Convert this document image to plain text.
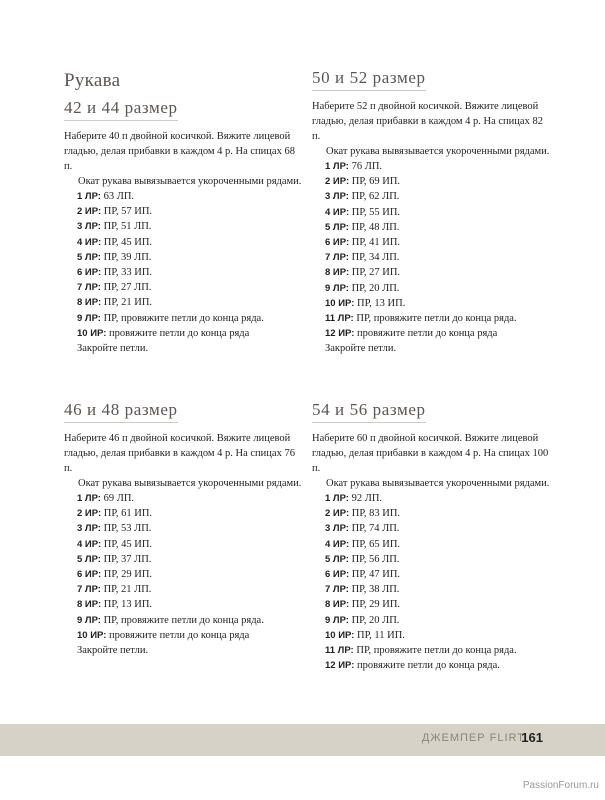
Рукава
42 и 44 размер

Наберите 40 п двойной косичкой. Вяжите лицевой гладью, делая прибавки в каждом 4 р. На спицах 68 п.

Окат рукава вывязывается укороченными рядами.

1 ЛР: 63 ЛП.

2 ИР: ПР, 57 ИП.

3 ЛР: ПР, 51 ЛП.

4 ИР: ПР, 45 ИП.

5 ЛР: ПР, 39 ЛП.

6 ИР: ПР, 33 ИП.

7 ЛР: ПР, 27 ЛП.

8 ИР: ПР, 21 ИП.

9 ЛР: ПР, провяжите петли до конца ряда.

10 ИР: провяжите петли до конца ряда

Закройте петли.

50 и 52 размер

Наберите 52 п двойной косичкой. Вяжите лицевой гладью, делая прибавки в каждом 4 р. На спицах 82 п.

Окат рукава вывязывается укороченными рядами.

1 ЛР: 76 ЛП.

2 ИР: ПР, 69 ИП.

3 ЛР: ПР, 62 ЛП.

4 ИР: ПР, 55 ИП.

5 ЛР: ПР, 48 ЛП.

6 ИР: ПР, 41 ИП.

7 ЛР: ПР, 34 ЛП.

8 ИР: ПР, 27 ИП.

9 ЛР: ПР, 20 ЛП.

10 ИР: ПР, 13 ИП.

11 ЛР: ПР, провяжите петли до конца ряда.

12 ИР: провяжите петли до конца ряда

Закройте петли.

46 и 48 размер

Наберите 46 п двойной косичкой. Вяжите лицевой гладью, делая прибавки в каждом 4 р. На спицах 76 п.

Окат рукава вывязывается укороченными рядами.

1 ЛР: 69 ЛП.

2 ИР: ПР, 61 ИП.

3 ЛР: ПР, 53 ЛП.

4 ИР: ПР, 45 ИП.

5 ЛР: ПР, 37 ЛП.

6 ИР: ПР, 29 ИП.

7 ЛР: ПР, 21 ЛП.

8 ИР: ПР, 13 ИП.

9 ЛР: ПР, провяжите петли до конца ряда.

10 ИР: провяжите петли до конца ряда

Закройте петли.

54 и 56 размер

Наберите 60 п двойной косичкой. Вяжите лицевой гладью, делая прибавки в каждом 4 р. На спицах 100 п.

Окат рукава вывязывается укороченными рядами.

1 ЛР: 92 ЛП.

2 ИР: ПР, 83 ИП.

3 ЛР: ПР, 74 ЛП.

4 ИР: ПР, 65 ИП.

5 ЛР: ПР, 56 ЛП.

6 ИР: ПР, 47 ИП.

7 ЛР: ПР, 38 ЛП.

8 ИР: ПР, 29 ИП.

9 ЛР: ПР, 20 ЛП.

10 ИР: ПР, 11 ИП.

11 ЛР: ПР, провяжите петли до конца ряда.

12 ИР: провяжите петли до конца ряда.

ДЖЕМПЕР FLIRT
161
PassionForum.ru
